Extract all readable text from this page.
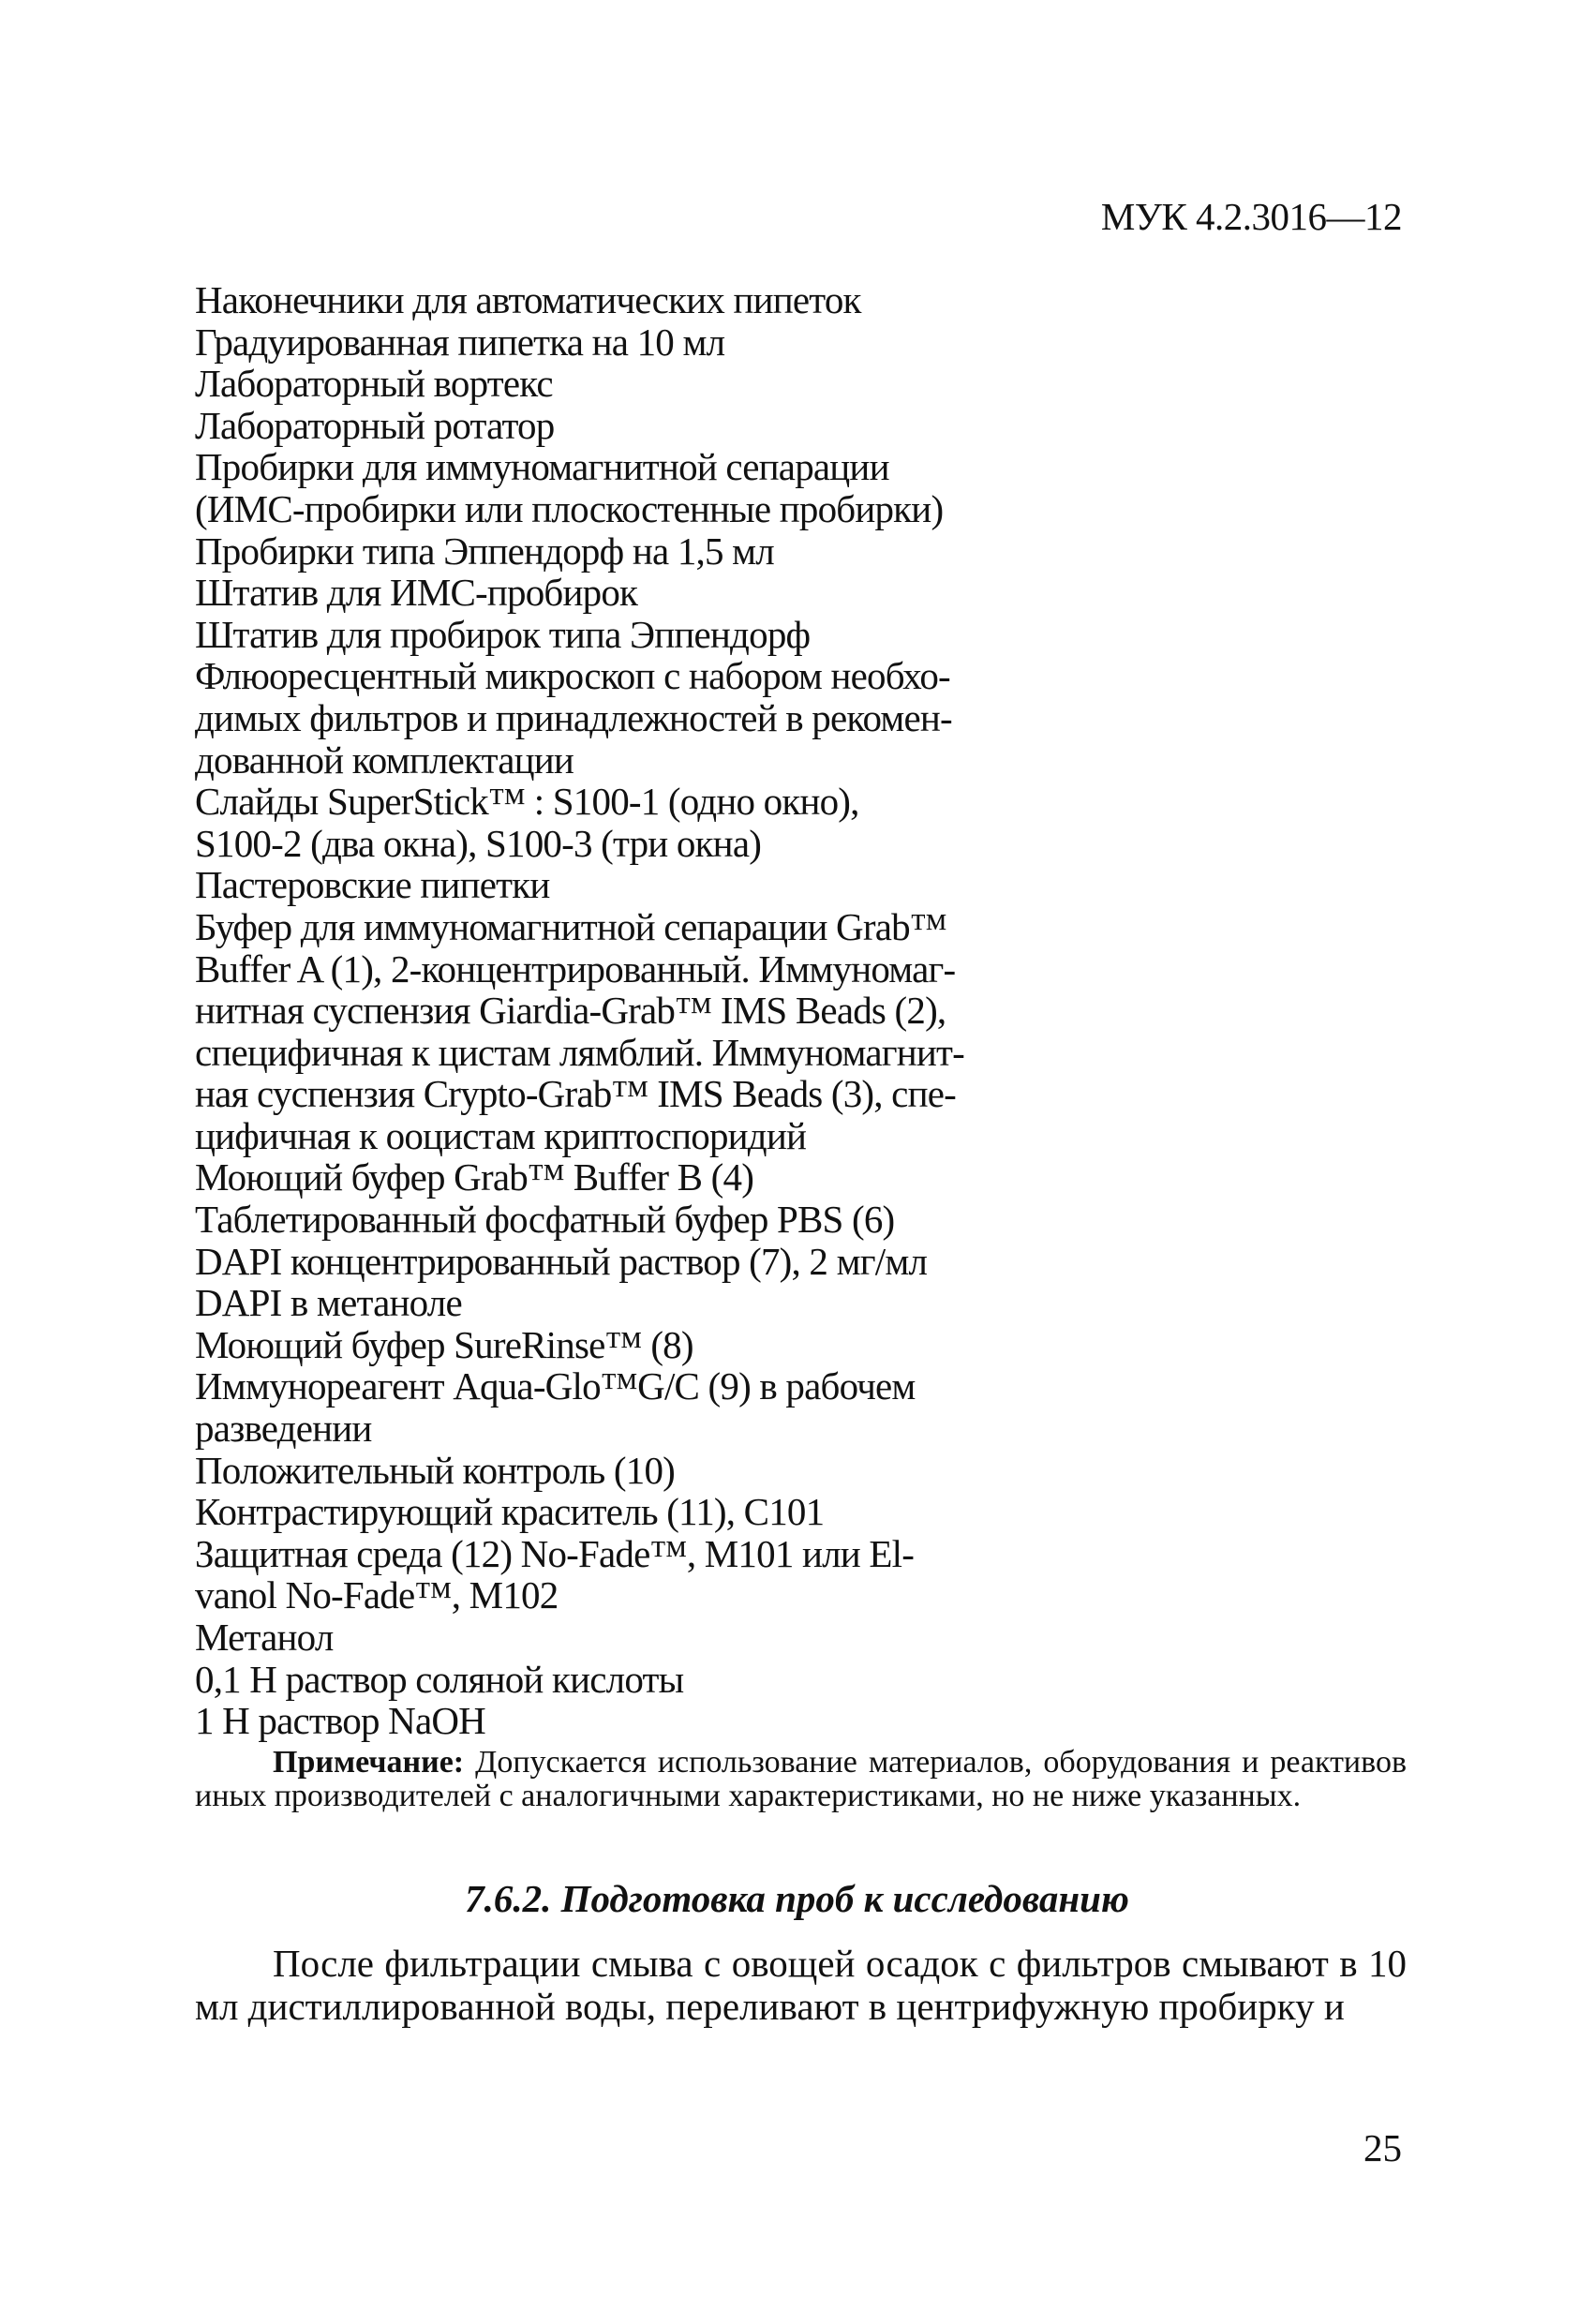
МУК 4.2.3016—12
Наконечники для автоматических пипеток
Градуированная пипетка на 10 мл
Лабораторный вортекс
Лабораторный ротатор
Пробирки для иммуномагнитной сепарации
(ИМС-пробирки или плоскостенные пробирки)
Пробирки типа Эппендорф на 1,5 мл
Штатив для ИМС-пробирок
Штатив для пробирок типа Эппендорф
Флюоресцентный микроскоп с набором необхо-
димых фильтров и принадлежностей в рекомен-
дованной комплектации
Слайды SuperStick™ : S100-1 (одно окно),
S100-2 (два окна), S100-3 (три окна)
Пастеровские пипетки
Буфер для иммуномагнитной сепарации Grab™
Buffer A (1), 2-концентрированный. Иммуномаг-
нитная суспензия Giardia-Grab™ IMS Beads (2),
специфичная к цистам лямблий. Иммуномагнит-
ная суспензия Crypto-Grab™ IMS Beads (3), спе-
цифичная к ооцистам криптоспоридий
Моющий буфер Grab™ Buffer B (4)
Таблетированный фосфатный буфер PBS (6)
DAPI концентрированный раствор (7), 2 мг/мл
DAPI в метаноле
Моющий буфер SureRinse™ (8)
Иммунореагент Aqua-Glo™G/C (9) в рабочем
разведении
Положительный контроль (10)
Контрастирующий краситель (11), C101
Защитная среда (12) No-Fade™, M101 или El-
vanol No-Fade™, M102
Метанол
0,1 Н раствор соляной кислоты
1 Н раствор NaOH

Примечание: Допускается использование материалов, оборудования и реактивов иных производителей с аналогичными характеристиками, но не ниже указанных.

7.6.2. Подготовка проб к исследованию

После фильтрации смыва с овощей осадок с фильтров смывают в 10 мл дистиллированной воды, переливают в центрифужную пробирку и

25
